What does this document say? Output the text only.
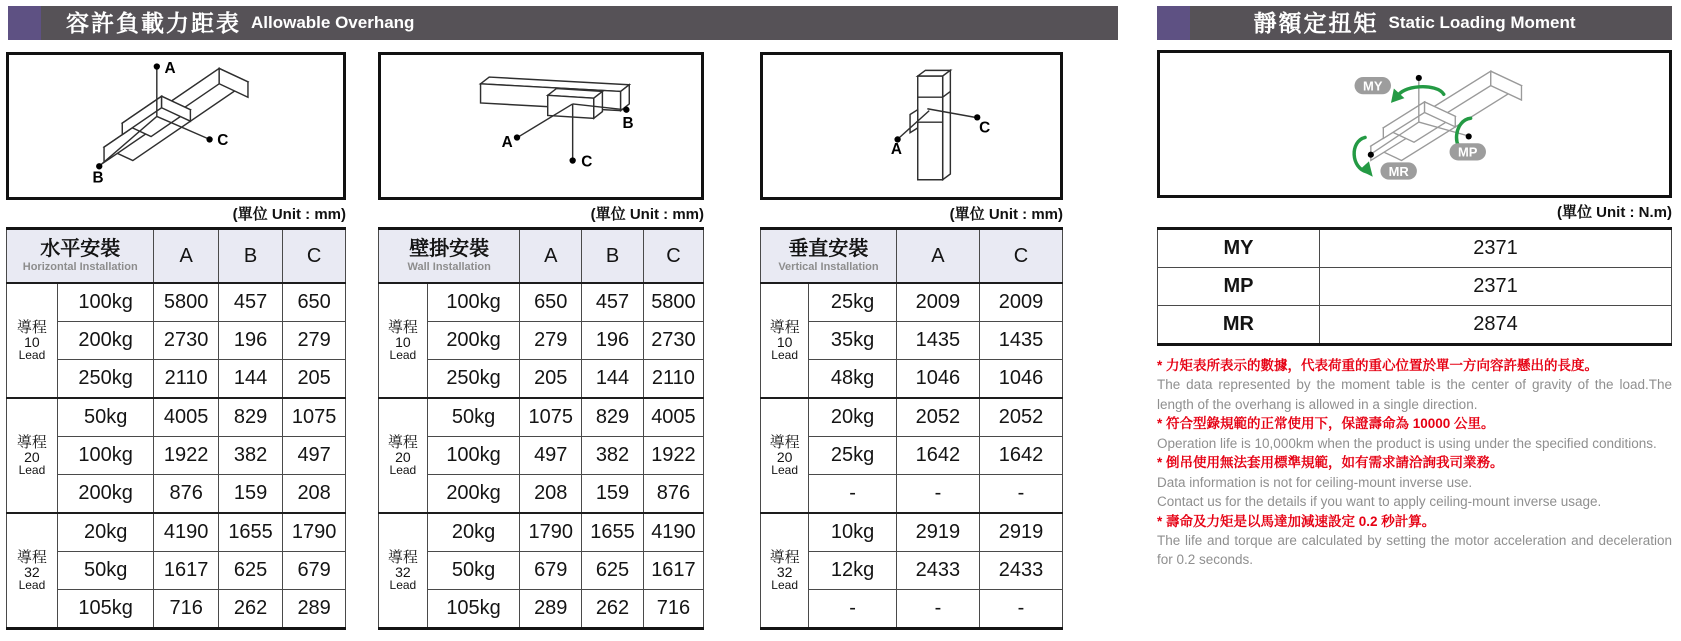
容許負載力距表 Allowable Overhang	靜額定扭矩 Static Loading Moment
A
C
B
A
B
C
A
C
MY
MP
MR
(單位 Unit : mm)	(單位 Unit : mm)	(單位 Unit : mm)	(單位 Unit : N.m)
水平安裝
Horizontal Installation		A	B	C

導程
10
Lead	100kg	5800	457	650
	200kg	2730	196	279
	250kg	2110	144	205

導程
20
Lead	50kg	4005	829	1075
	100kg	1922	382	497
	200kg	876	159	208

導程
32
Lead	20kg	4190	1655	1790
	50kg	1617	625	679
	105kg	716	262	289
壁掛安裝
Wall Installation		A	B	C

導程
10
Lead	100kg	650	457	5800
	200kg	279	196	2730
	250kg	205	144	2110

導程
20
Lead	50kg	1075	829	4005
	100kg	497	382	1922
	200kg	208	159	876

導程
32
Lead	20kg	1790	1655	4190
	50kg	679	625	1617
	105kg	289	262	716
垂直安裝
Vertical Installation		A	C

導程
10
Lead	25kg	2009	2009
	35kg	1435	1435
	48kg	1046	1046

導程
20
Lead	20kg	2052	2052
	25kg	1642	1642
	-	-	-

導程
32
Lead	10kg	2919	2919
	12kg	2433	2433
	-	-	-
MY	2371
MP	2371
MR	2874
* 力矩表所表示的數據，代表荷重的重心位置於單一方向容許懸出的長度。
The data represented by the moment table is the center of gravity of the load.The length of the overhang is allowed in a single direction.
* 符合型錄規範的正常使用下，保證壽命為 10000 公里。
Operation life is 10,000km when the product is using under the specified conditions.
* 倒吊使用無法套用標準規範，如有需求請洽詢我司業務。
Data information is not for ceiling-mount inverse use.
Contact us for the details if you want to apply ceiling-mount inverse usage.
* 壽命及力矩是以馬達加減速設定 0.2 秒計算。
The life and torque are calculated by setting the motor acceleration and deceleration for 0.2 seconds.
